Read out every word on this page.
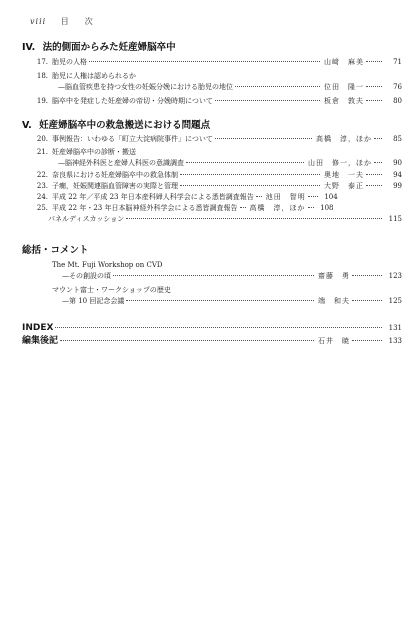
viii 目　次
IV. 法的側面からみた妊産婦脳卒中
17. 胎児の人格	山﨑　麻美	71
18. 胎児に人権は認められるか
—脳血管疾患を持つ女性の妊娠分娩における胎児の地位	位田　隆一	76
19. 脳卒中を発症した妊産婦の帝切・分娩時期について	板倉　敦夫	80
V. 妊産婦脳卒中の救急搬送における問題点
20. 事例報告：いわゆる「町立大淀病院事件」について	高橋　淳，ほか	85
21. 妊産婦脳卒中の診断・搬送
—脳神経外科医と産婦人科医の意識調査	山田　修一，ほか	90
22. 奈良県における妊産婦脳卒中の救急体制	奥地　一夫	94
23. 子癇，妊娠関連脳血管障害の実際と管理	大野　泰正	99
24. 平成 22 年／平成 23 年日本産科婦人科学会による悉皆調査報告 池田　智明	104
25. 平成 22 年・23 年日本脳神経外科学会による悉皆調査報告 高橋　淳，ほか	108
パネルディスカッション	115
総括・コメント
The Mt. Fuji Workshop on CVD
—その創設の頃	齋藤　勇	123
マウント富士・ワークショップの歴史
—第 10 回記念会議	端　和夫	125
INDEX	131
編集後記	石井　暁	133
